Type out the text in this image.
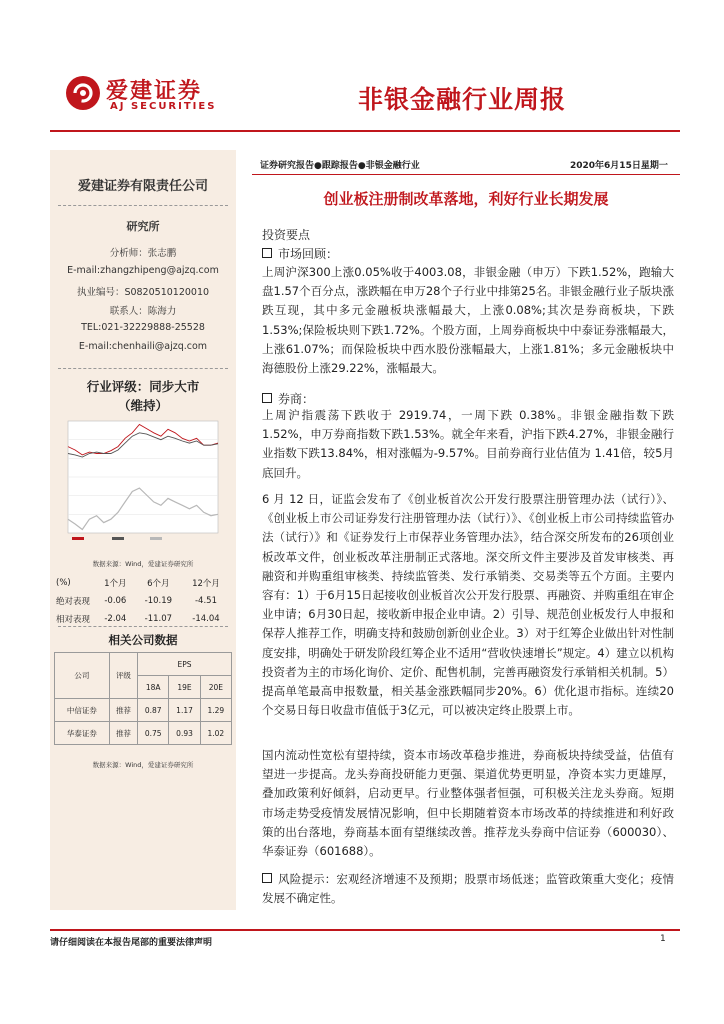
爱建证券
AJ SECURITIES	非银金融行业周报
爱建证券有限责任公司
研究所
分析师：张志鹏
E-mail:zhangzhipeng@ajzq.com
执业编号：S0820510120010
联系人：陈海力
TEL:021-32229888-25528
E-mail:chenhaili@ajzq.com
行业评级：同步大市
（维持）
数据来源：Wind，爱建证券研究所
(%)	1个月	6个月	12个月
绝对表现	-0.06	-10.19	-4.51
相对表现	-2.04	-11.07	-14.04
相关公司数据
公司	评级	EPS		
		18A	19E	20E
中信证券	推荐	0.87	1.17	1.29
华泰证券	推荐	0.75	0.93	1.02
数据来源：Wind，爱建证券研究所
证券研究报告●跟踪报告●非银金融行业	2020年6月15日星期一
创业板注册制改革落地，利好行业长期发展
投资要点
市场回顾：
上周沪深300上涨0.05%收于4003.08，非银金融（申万）下跌1.52%，跑输大盘1.57个百分点，涨跌幅在申万28个子行业中排第25名。非银金融行业子版块涨跌互现，其中多元金融板块涨幅最大，上涨0.08%;其次是券商板块，下跌1.53%;保险板块则下跌1.72%。个股方面，上周券商板块中中泰证券涨幅最大，上涨61.07%；而保险板块中西水股份涨幅最大，上涨1.81%；多元金融板块中海德股份上涨29.22%，涨幅最大。
券商：
上周沪指震荡下跌收于 2919.74，一周下跌 0.38%。非银金融指数下跌1.52%，申万券商指数下跌1.53%。就全年来看，沪指下跌4.27%，非银金融行业指数下跌13.84%，相对涨幅为-9.57%。目前券商行业估值为 1.41倍，较5月底回升。
6 月 12 日，证监会发布了《创业板首次公开发行股票注册管理办法（试行）》、《创业板上市公司证券发行注册管理办法（试行）》、《创业板上市公司持续监管办法（试行）》和《证券发行上市保荐业务管理办法》，结合深交所发布的26项创业板改革文件，创业板改革注册制正式落地。深交所文件主要涉及首发审核类、再融资和并购重组审核类、持续监管类、发行承销类、交易类等五个方面。主要内容有：1）于6月15日起接收创业板首次公开发行股票、再融资、并购重组在审企业申请；6月30日起，接收新申报企业申请。2）引导、规范创业板发行人申报和保荐人推荐工作，明确支持和鼓励创新创业企业。3）对于红筹企业做出针对性制度安排，明确处于研发阶段红筹企业不适用“营收快速增长”规定。4）建立以机构投资者为主的市场化询价、定价、配售机制，完善再融资发行承销相关机制。5）提高单笔最高申报数量，相关基金涨跌幅同步20%。6）优化退市指标。连续20个交易日每日收盘市值低于3亿元，可以被决定终止股票上市。
国内流动性宽松有望持续，资本市场改革稳步推进，券商板块持续受益，估值有望进一步提高。龙头券商投研能力更强、渠道优势更明显，净资本实力更雄厚，叠加政策利好倾斜，启动更早。行业整体强者恒强，可积极关注龙头券商。短期市场走势受疫情发展情况影响，但中长期随着资本市场改革的持续推进和利好政策的出台落地，券商基本面有望继续改善。推荐龙头券商中信证券（600030）、华泰证券（601688）。
风险提示：宏观经济增速不及预期；股票市场低迷；监管政策重大变化；疫情发展不确定性。
请仔细阅读在本报告尾部的重要法律声明	1
